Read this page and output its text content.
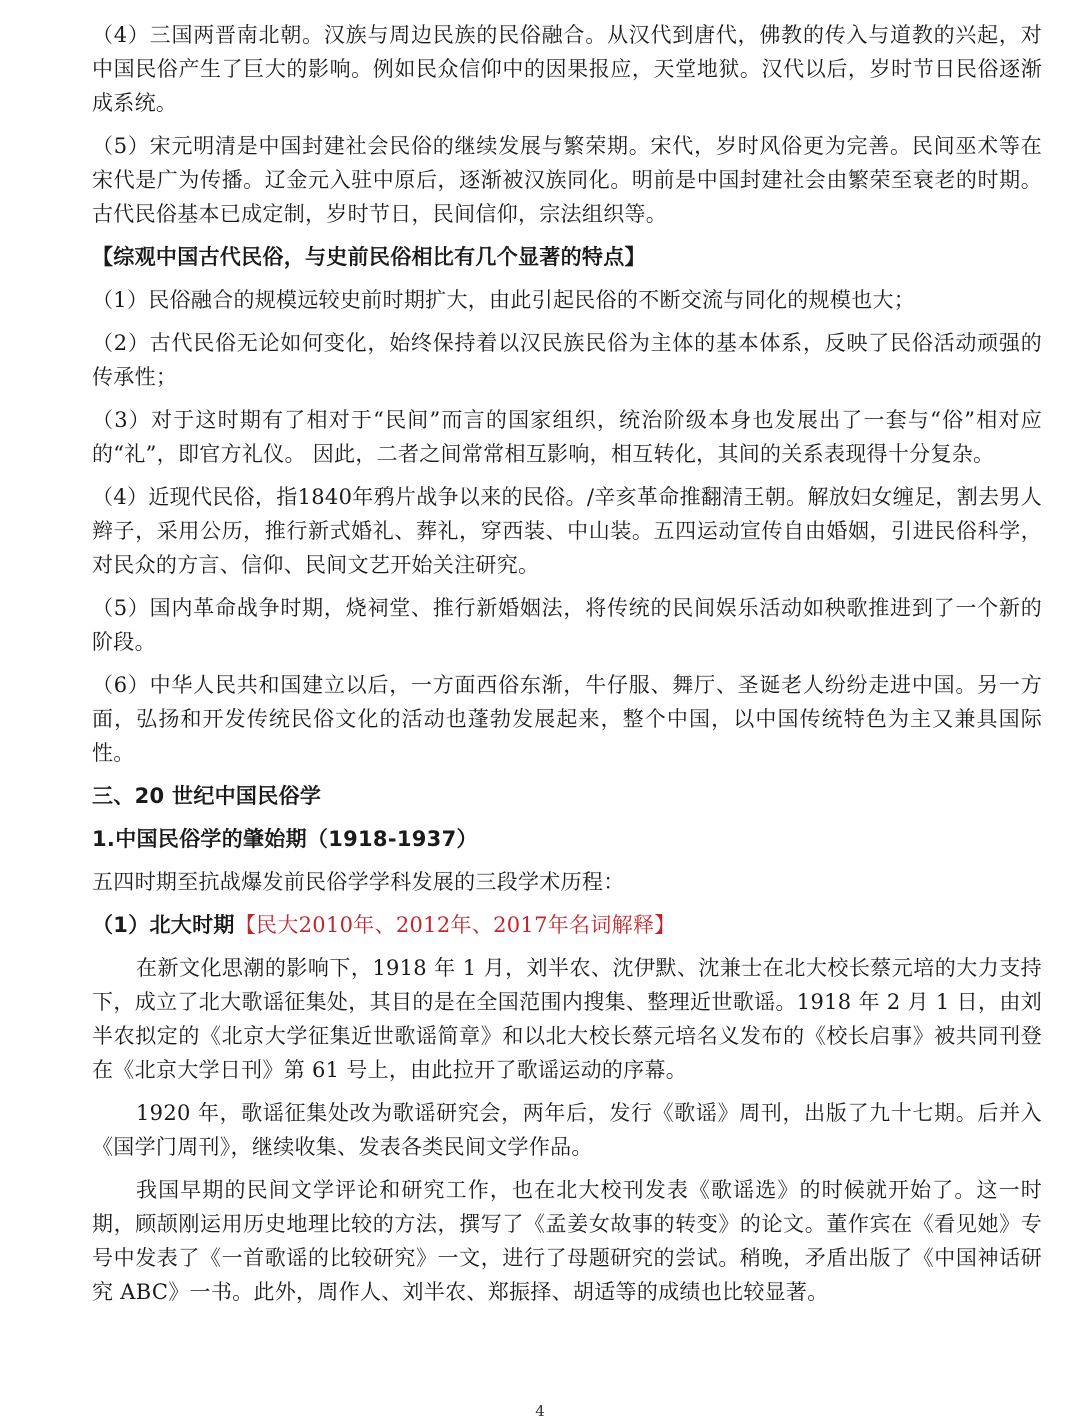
（4）三国两晋南北朝。汉族与周边民族的民俗融合。从汉代到唐代，佛教的传入与道教的兴起，对中国民俗产生了巨大的影响。例如民众信仰中的因果报应，天堂地狱。汉代以后，岁时节日民俗逐渐成系统。

（5）宋元明清是中国封建社会民俗的继续发展与繁荣期。宋代，岁时风俗更为完善。民间巫术等在宋代是广为传播。辽金元入驻中原后，逐渐被汉族同化。明前是中国封建社会由繁荣至衰老的时期。古代民俗基本已成定制，岁时节日，民间信仰，宗法组织等。

【综观中国古代民俗，与史前民俗相比有几个显著的特点】

（1）民俗融合的规模远较史前时期扩大，由此引起民俗的不断交流与同化的规模也大；

（2）古代民俗无论如何变化，始终保持着以汉民族民俗为主体的基本体系，反映了民俗活动顽强的传承性；

（3）对于这时期有了相对于“民间”而言的国家组织，统治阶级本身也发展出了一套与“俗”相对应的“礼”，即官方礼仪。 因此，二者之间常常相互影响，相互转化，其间的关系表现得十分复杂。

（4）近现代民俗，指1840年鸦片战争以来的民俗。/辛亥革命推翻清王朝。解放妇女缠足，割去男人辫子，采用公历，推行新式婚礼、葬礼，穿西装、中山装。五四运动宣传自由婚姻，引进民俗科学，对民众的方言、信仰、民间文艺开始关注研究。

（5）国内革命战争时期，烧祠堂、推行新婚姻法，将传统的民间娱乐活动如秧歌推进到了一个新的阶段。

（6）中华人民共和国建立以后，一方面西俗东渐，牛仔服、舞厅、圣诞老人纷纷走进中国。另一方面，弘扬和开发传统民俗文化的活动也蓬勃发展起来，整个中国，以中国传统特色为主又兼具国际性。

三、20 世纪中国民俗学

1.中国民俗学的肇始期（1918-1937）

五四时期至抗战爆发前民俗学学科发展的三段学术历程：

（1）北大时期【民大2010年、2012年、2017年名词解释】

在新文化思潮的影响下，1918 年 1 月，刘半农、沈伊默、沈兼士在北大校长蔡元培的大力支持下，成立了北大歌谣征集处，其目的是在全国范围内搜集、整理近世歌谣。1918 年 2 月 1 日，由刘半农拟定的《北京大学征集近世歌谣简章》和以北大校长蔡元培名义发布的《校长启事》被共同刊登在《北京大学日刊》第 61 号上，由此拉开了歌谣运动的序幕。

1920 年，歌谣征集处改为歌谣研究会，两年后，发行《歌谣》周刊，出版了九十七期。后并入《国学门周刊》，继续收集、发表各类民间文学作品。

我国早期的民间文学评论和研究工作，也在北大校刊发表《歌谣选》的时候就开始了。这一时期，顾颉刚运用历史地理比较的方法，撰写了《孟姜女故事的转变》的论文。董作宾在《看见她》专号中发表了《一首歌谣的比较研究》一文，进行了母题研究的尝试。稍晚，矛盾出版了《中国神话研究 ABC》一书。此外，周作人、刘半农、郑振择、胡适等的成绩也比较显著。

4
